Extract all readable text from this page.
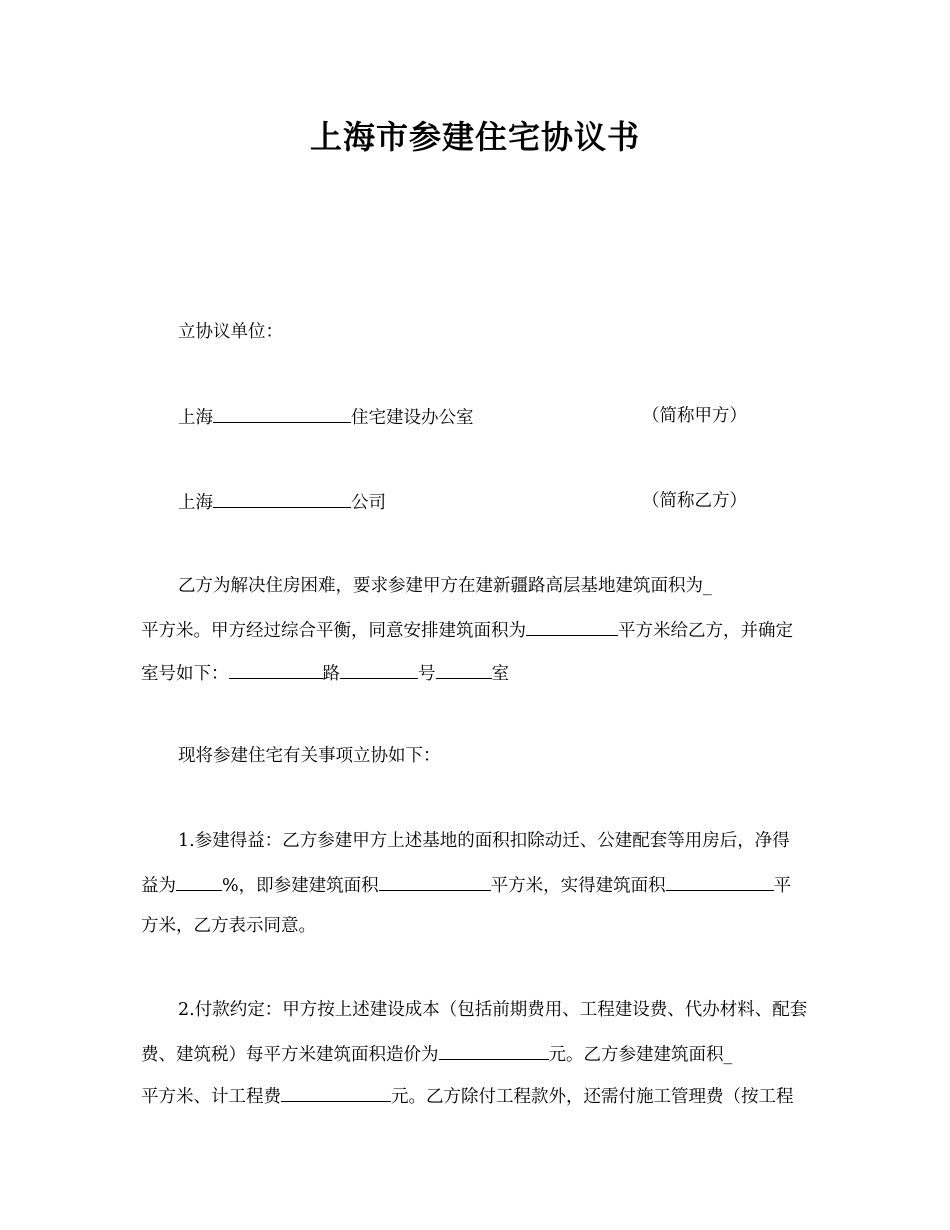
上海市参建住宅协议书
立协议单位：
上海	住宅建设办公室	（简称甲方）
上海	公司	（简称乙方）
乙方为解决住房困难，要求参建甲方在建新疆路高层基地建筑面积为_
平方米。甲方经过综合平衡，同意安排建筑面积为	平方米给乙方，并确定
室号如下：	路	号	室
现将参建住宅有关事项立协如下：
1.参建得益：乙方参建甲方上述基地的面积扣除动迁、公建配套等用房后，净得
益为	%，即参建建筑面积	平方米，实得建筑面积	平
方米，乙方表示同意。
2.付款约定：甲方按上述建设成本（包括前期费用、工程建设费、代办材料、配套
费、建筑税）每平方米建筑面积造价为	元。乙方参建建筑面积_
平方米、计工程费	元。乙方除付工程款外，还需付施工管理费（按工程
